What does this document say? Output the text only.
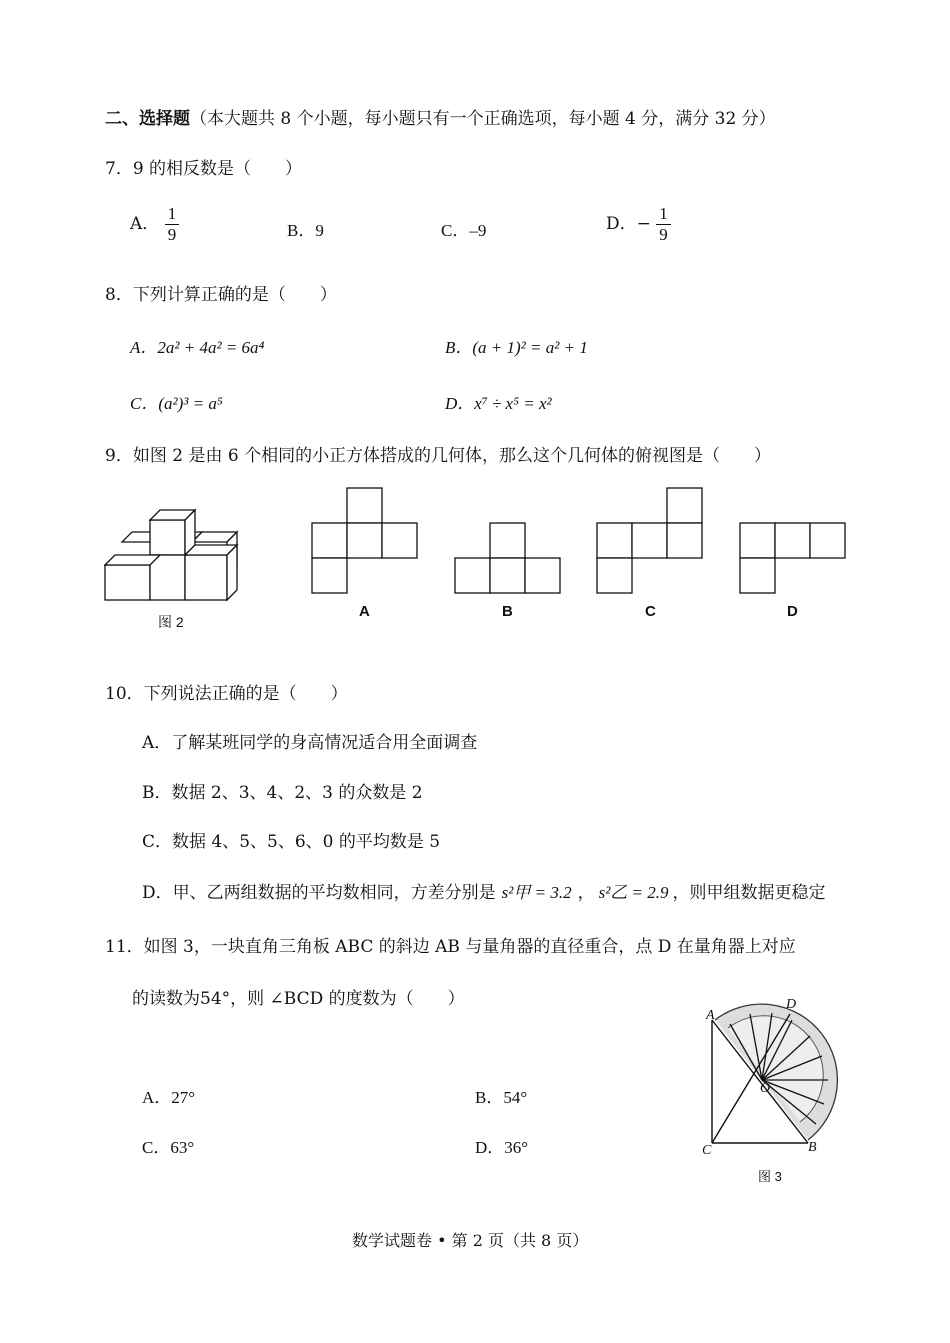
二、选择题（本大题共 8 个小题，每小题只有一个正确选项，每小题 4 分，满分 32 分）
7．9 的相反数是（　　）
A． $\frac{1}{9}$	B．9	C．–9	D．− $\frac{1}{9}$
8．下列计算正确的是（　　）
A．2a² + 4a² = 6a⁴	B．(a + 1)² = a² + 1
C．(a²)³ = a⁵	D．x⁷ ÷ x⁵ = x²
9．如图 2 是由 6 个相同的小正方体搭成的几何体，那么这个几何体的俯视图是（　　）
图 2
A	B	C	D
10．下列说法正确的是（　　）
A．了解某班同学的身高情况适合用全面调查
B．数据 2、3、4、2、3 的众数是 2
C．数据 4、5、5、6、0 的平均数是 5
D．甲、乙两组数据的平均数相同，方差分别是 s²甲 = 3.2 ， s²乙 = 2.9 ，则甲组数据更稳定
11．如图 3，一块直角三角板 ABC 的斜边 AB 与量角器的直径重合，点 D 在量角器上对应
的读数为54°，则 ∠BCD 的度数为（　　）
A．27°	B．54°
C．63°	D．36°
A
D
O
C	B
图 3
数学试题卷 • 第 2 页（共 8 页）
